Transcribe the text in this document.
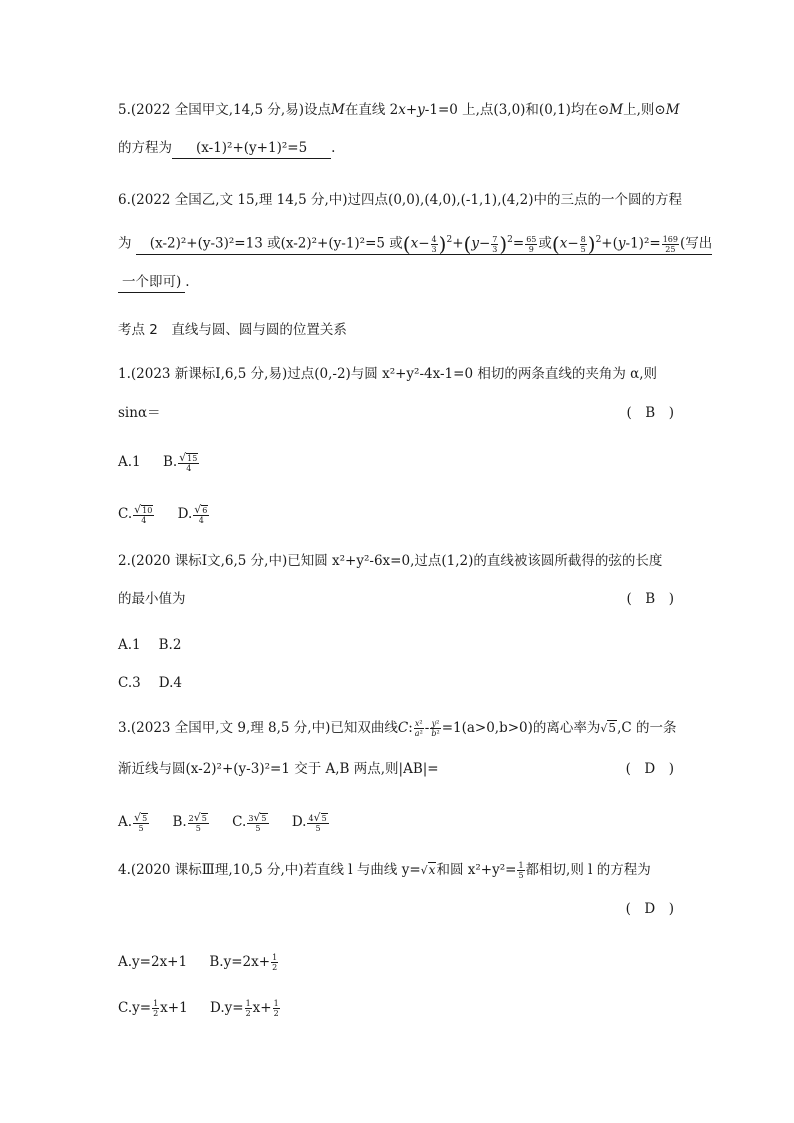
5.(2022 全国甲文,14,5 分,易)设点M在直线 2x+y-1=0 上,点(3,0)和(0,1)均在⊙M上,则⊙M
的方程为 (x-1)²+(y+1)²=5 .
6.(2022 全国乙,文 15,理 14,5 分,中)过四点(0,0),(4,0),(-1,1),(4,2)中的三点的一个圆的方程
为 (x-2)²+(y-3)²=13 或(x-2)²+(y-1)²=5 或$(x- \frac{4}{3} )^2+(y- \frac{7}{3} )^2= \frac{65}{9}$ 或$(x- \frac{8}{5} )^2+(y-1)^2= \frac{169}{25}$ (写出
一个即可) .
考点 2　直线与圆、圆与圆的位置关系
1.(2023 新课标Ⅰ,6,5 分,易)过点(0,-2)与圆 x²+y²-4x-1=0 相切的两条直线的夹角为 α,则
sinα＝	(　B　)
A.1 B. $\frac{√15}{4}$
C. $\frac{√10}{4} D$. $\frac{√6}{4}$
2.(2020 课标Ⅰ文,6,5 分,中)已知圆 x²+y²-6x=0,过点(1,2)的直线被该圆所截得的弦的长度
的最小值为	(　B　)
A.1 B.2
C.3 D.4
3.(2023 全国甲,文 9,理 8,5 分,中)已知双曲线C: $\frac{\text{x²}}{\text{a²}} - \frac{\text{y²}}{\text{b²}} =1(a>0,b>0)$的离心率为√5,C 的一条
渐近线与圆(x-2)²+(y-3)²=1 交于 A,B 两点,则|AB|=	(　D　)
A. $\frac{√5}{5} B$. $\frac{2√5}{5} C$. $\frac{3√5}{5} D$. $\frac{4√5}{5}$
4.(2020 课标Ⅲ理,10,5 分,中)若直线 l 与曲线 y=√x和圆 $x^2+y^2= \frac{1}{5}$ 都相切,则 l 的方程为
(　D　)
A.y=2x+1 $B.y=2x+ \frac{1}{2}$
$C.y= \frac{1}{2} x+1$ $D.y= \frac{1}{2} x+ \frac{1}{2}$
